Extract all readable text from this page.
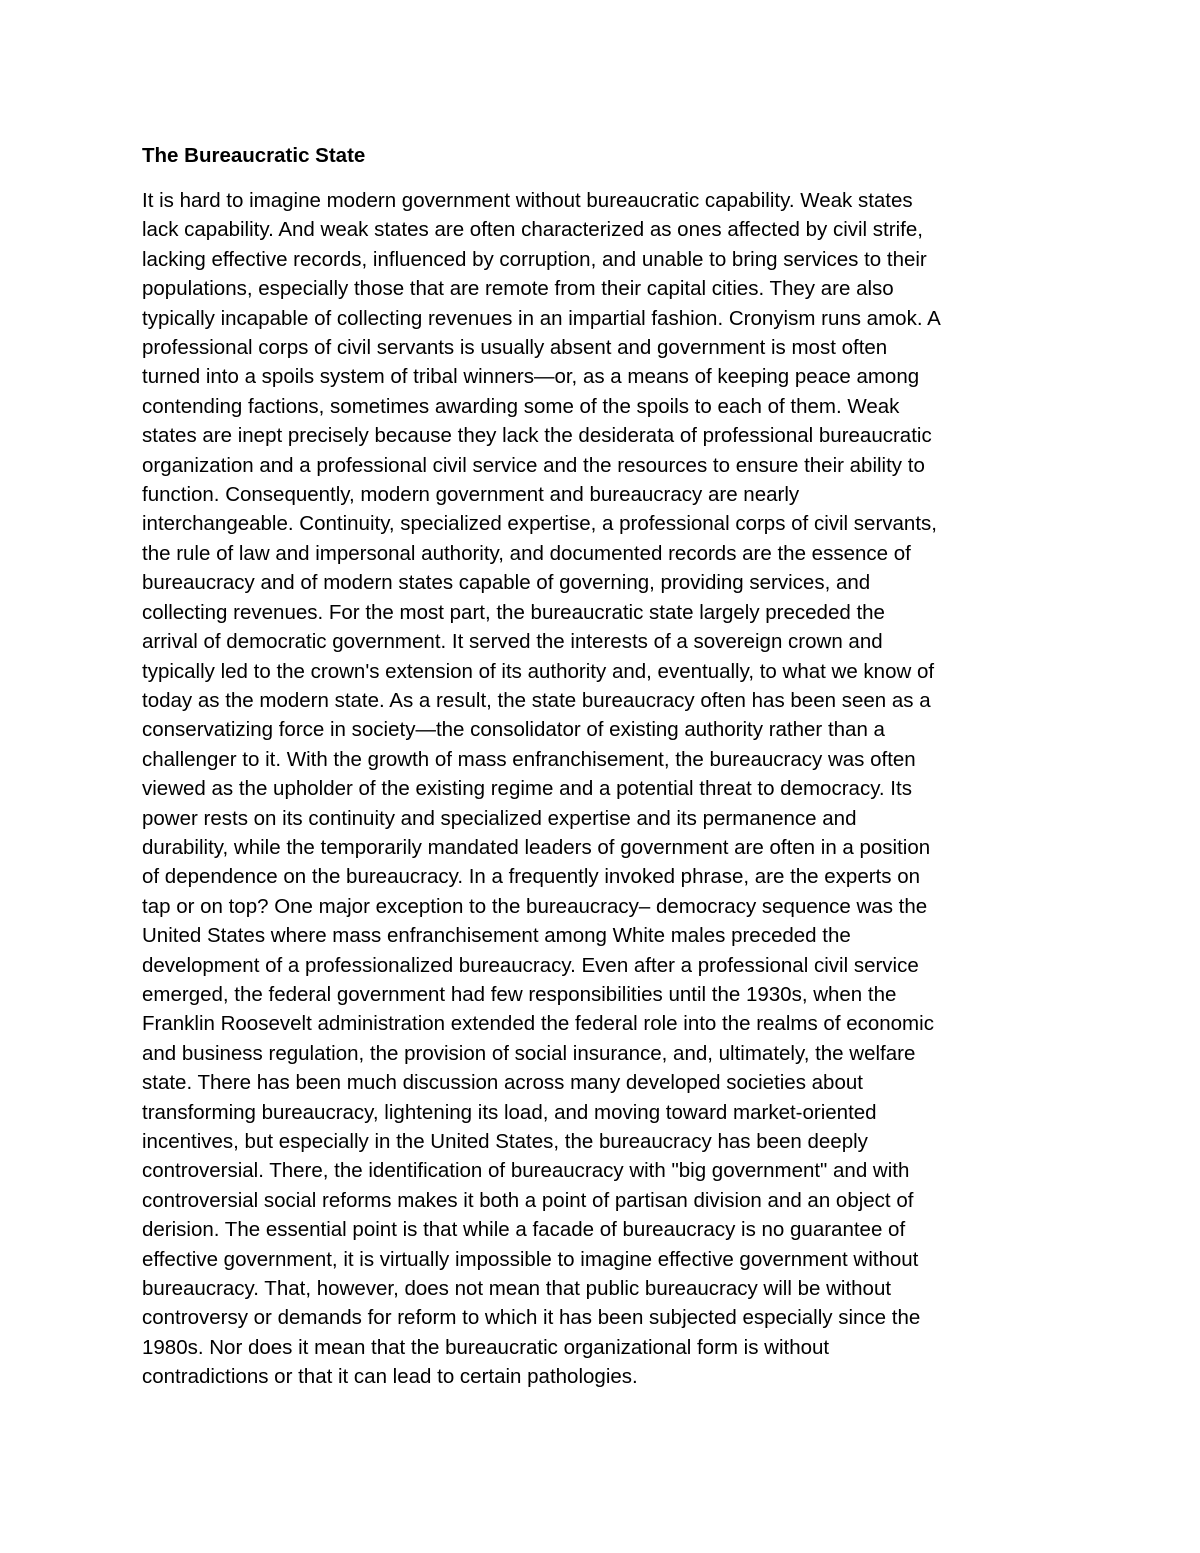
The Bureaucratic State

It is hard to imagine modern government without bureaucratic capability. Weak states
lack capability. And weak states are often characterized as ones affected by civil strife,
lacking effective records, influenced by corruption, and unable to bring services to their
populations, especially those that are remote from their capital cities. They are also
typically incapable of collecting revenues in an impartial fashion. Cronyism runs amok. A
professional corps of civil servants is usually absent and government is most often
turned into a spoils system of tribal winners—or, as a means of keeping peace among
contending factions, sometimes awarding some of the spoils to each of them. Weak
states are inept precisely because they lack the desiderata of professional bureaucratic
organization and a professional civil service and the resources to ensure their ability to
function. Consequently, modern government and bureaucracy are nearly
interchangeable. Continuity, specialized expertise, a professional corps of civil servants,
the rule of law and impersonal authority, and documented records are the essence of
bureaucracy and of modern states capable of governing, providing services, and
collecting revenues. For the most part, the bureaucratic state largely preceded the
arrival of democratic government. It served the interests of a sovereign crown and
typically led to the crown's extension of its authority and, eventually, to what we know of
today as the modern state. As a result, the state bureaucracy often has been seen as a
conservatizing force in society—the consolidator of existing authority rather than a
challenger to it. With the growth of mass enfranchisement, the bureaucracy was often
viewed as the upholder of the existing regime and a potential threat to democracy. Its
power rests on its continuity and specialized expertise and its permanence and
durability, while the temporarily mandated leaders of government are often in a position
of dependence on the bureaucracy. In a frequently invoked phrase, are the experts on
tap or on top? One major exception to the bureaucracy– democracy sequence was the
United States where mass enfranchisement among White males preceded the
development of a professionalized bureaucracy. Even after a professional civil service
emerged, the federal government had few responsibilities until the 1930s, when the
Franklin Roosevelt administration extended the federal role into the realms of economic
and business regulation, the provision of social insurance, and, ultimately, the welfare
state. There has been much discussion across many developed societies about
transforming bureaucracy, lightening its load, and moving toward market-oriented
incentives, but especially in the United States, the bureaucracy has been deeply
controversial. There, the identification of bureaucracy with "big government" and with
controversial social reforms makes it both a point of partisan division and an object of
derision. The essential point is that while a facade of bureaucracy is no guarantee of
effective government, it is virtually impossible to imagine effective government without
bureaucracy. That, however, does not mean that public bureaucracy will be without
controversy or demands for reform to which it has been subjected especially since the
1980s. Nor does it mean that the bureaucratic organizational form is without
contradictions or that it can lead to certain pathologies.
